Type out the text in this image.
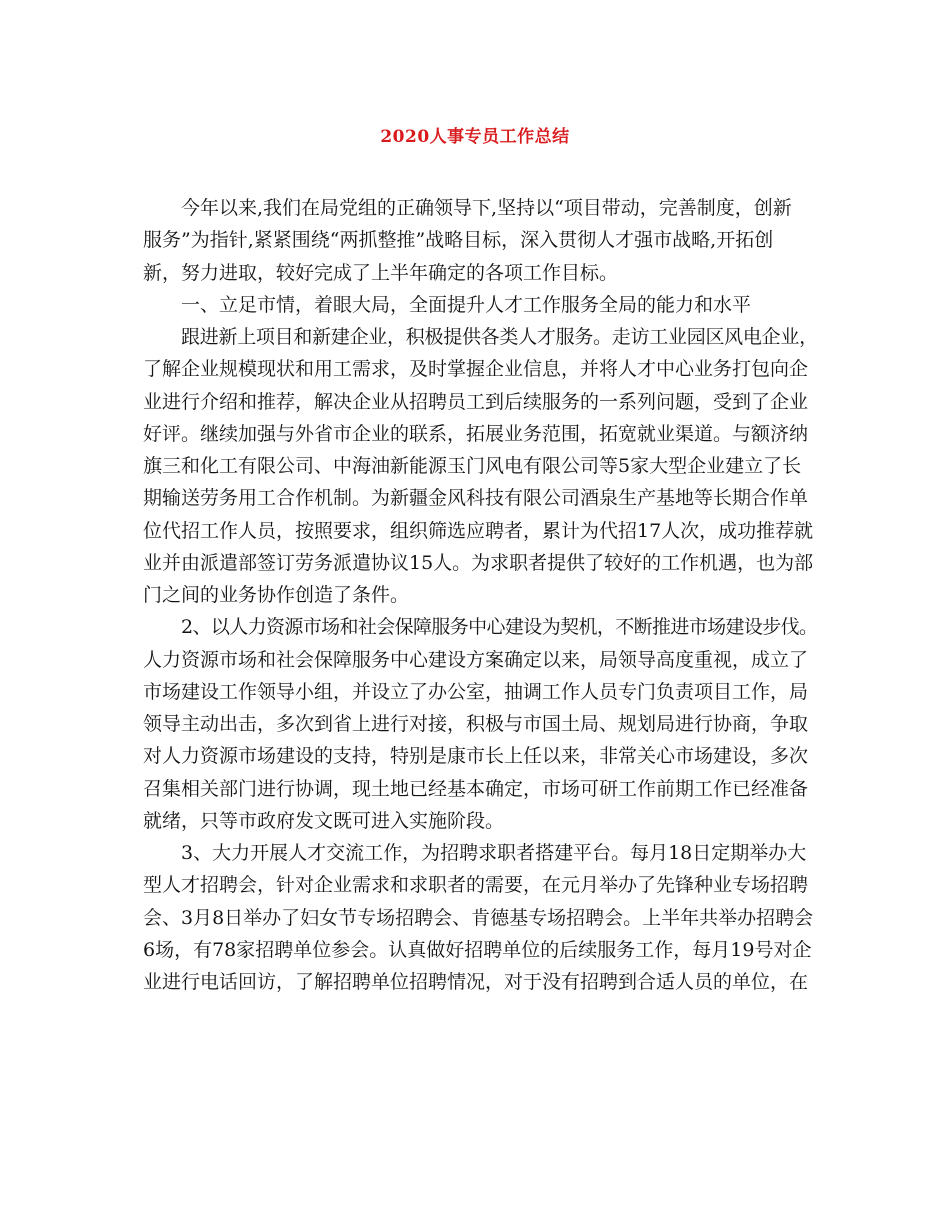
2020人事专员工作总结
今年以来,我们在局党组的正确领导下,坚持以“项目带动，完善制度，创新
服务”为指针,紧紧围绕“两抓整推”战略目标，深入贯彻人才强市战略,开拓创
新，努力进取，较好完成了上半年确定的各项工作目标。
一、立足市情，着眼大局，全面提升人才工作服务全局的能力和水平
跟进新上项目和新建企业，积极提供各类人才服务。走访工业园区风电企业，
了解企业规模现状和用工需求，及时掌握企业信息，并将人才中心业务打包向企
业进行介绍和推荐，解决企业从招聘员工到后续服务的一系列问题，受到了企业
好评。继续加强与外省市企业的联系，拓展业务范围，拓宽就业渠道。与额济纳
旗三和化工有限公司、中海油新能源玉门风电有限公司等5家大型企业建立了长
期输送劳务用工合作机制。为新疆金风科技有限公司酒泉生产基地等长期合作单
位代招工作人员，按照要求，组织筛选应聘者，累计为代招17人次，成功推荐就
业并由派遣部签订劳务派遣协议15人。为求职者提供了较好的工作机遇，也为部
门之间的业务协作创造了条件。
2、以人力资源市场和社会保障服务中心建设为契机，不断推进市场建设步伐。
人力资源市场和社会保障服务中心建设方案确定以来，局领导高度重视，成立了
市场建设工作领导小组，并设立了办公室，抽调工作人员专门负责项目工作，局
领导主动出击，多次到省上进行对接，积极与市国土局、规划局进行协商，争取
对人力资源市场建设的支持，特别是康市长上任以来，非常关心市场建设，多次
召集相关部门进行协调，现土地已经基本确定，市场可研工作前期工作已经准备
就绪，只等市政府发文既可进入实施阶段。
3、大力开展人才交流工作，为招聘求职者搭建平台。每月18日定期举办大
型人才招聘会，针对企业需求和求职者的需要，在元月举办了先锋种业专场招聘
会、3月8日举办了妇女节专场招聘会、肯德基专场招聘会。上半年共举办招聘会
6场，有78家招聘单位参会。认真做好招聘单位的后续服务工作，每月19号对企
业进行电话回访，了解招聘单位招聘情况，对于没有招聘到合适人员的单位，在
